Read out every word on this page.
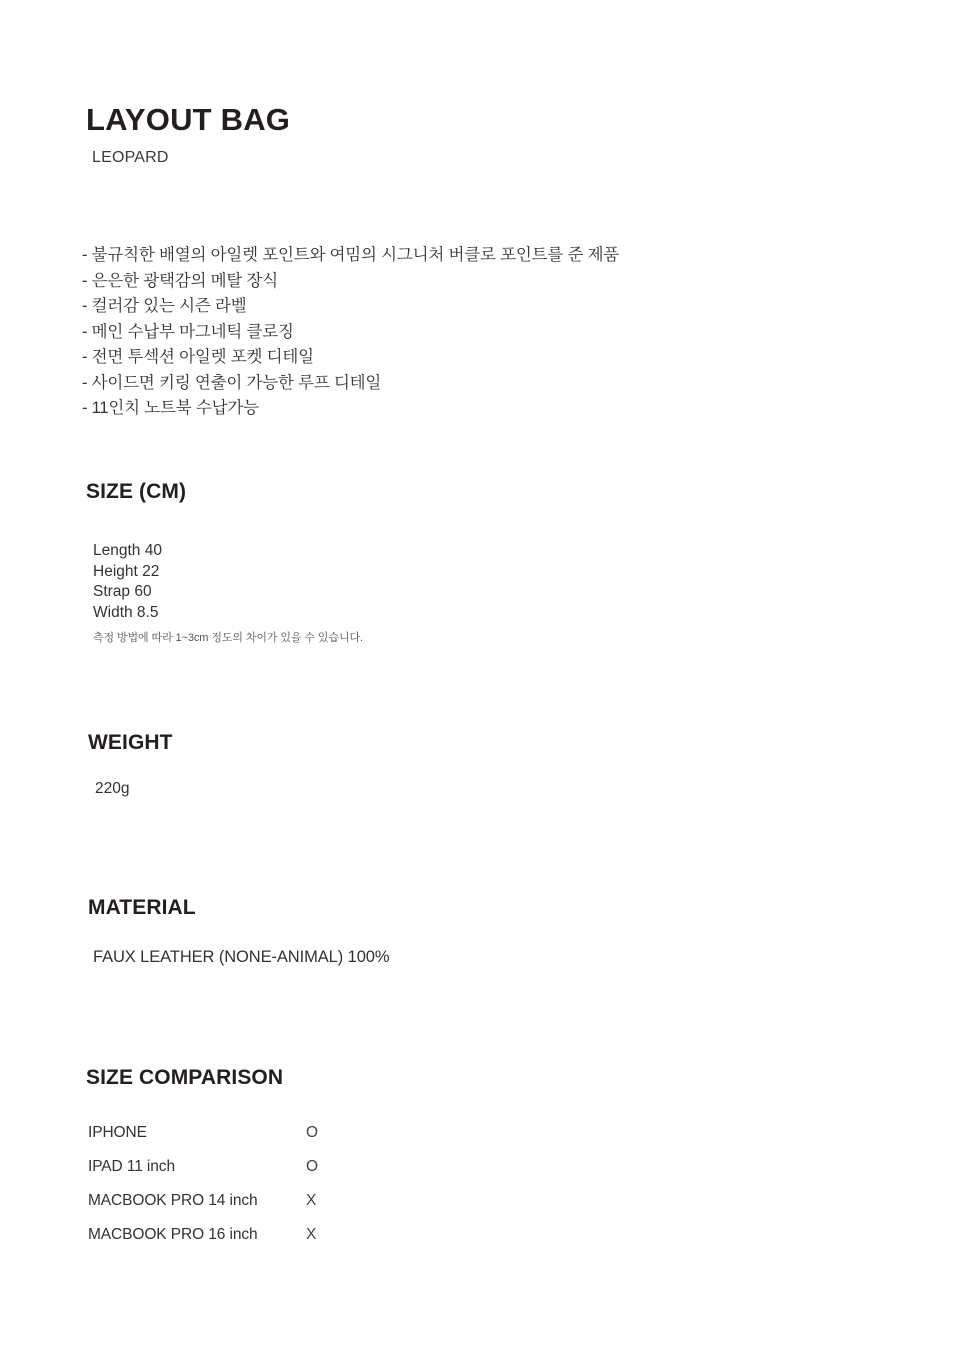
LAYOUT BAG
LEOPARD
- 불규칙한 배열의 아일렛 포인트와 여밈의 시그니처 버클로 포인트를 준 제품
- 은은한 광택감의 메탈 장식
- 컬러감 있는 시즌 라벨
- 메인 수납부 마그네틱 클로징
- 전면 투섹션 아일렛 포켓 디테일
- 사이드면 키링 연출이 가능한 루프 디테일
- 11인치 노트북 수납가능
SIZE (CM)
Length 40
Height 22
Strap 60
Width 8.5
측정 방법에 따라 1~3cm 정도의 차이가 있을 수 있습니다.
WEIGHT
220g
MATERIAL
FAUX LEATHER (NONE-ANIMAL) 100%
SIZE COMPARISON
IPHONE	O
IPAD 11 inch	O
MACBOOK PRO 14 inch	X
MACBOOK PRO 16 inch	X
